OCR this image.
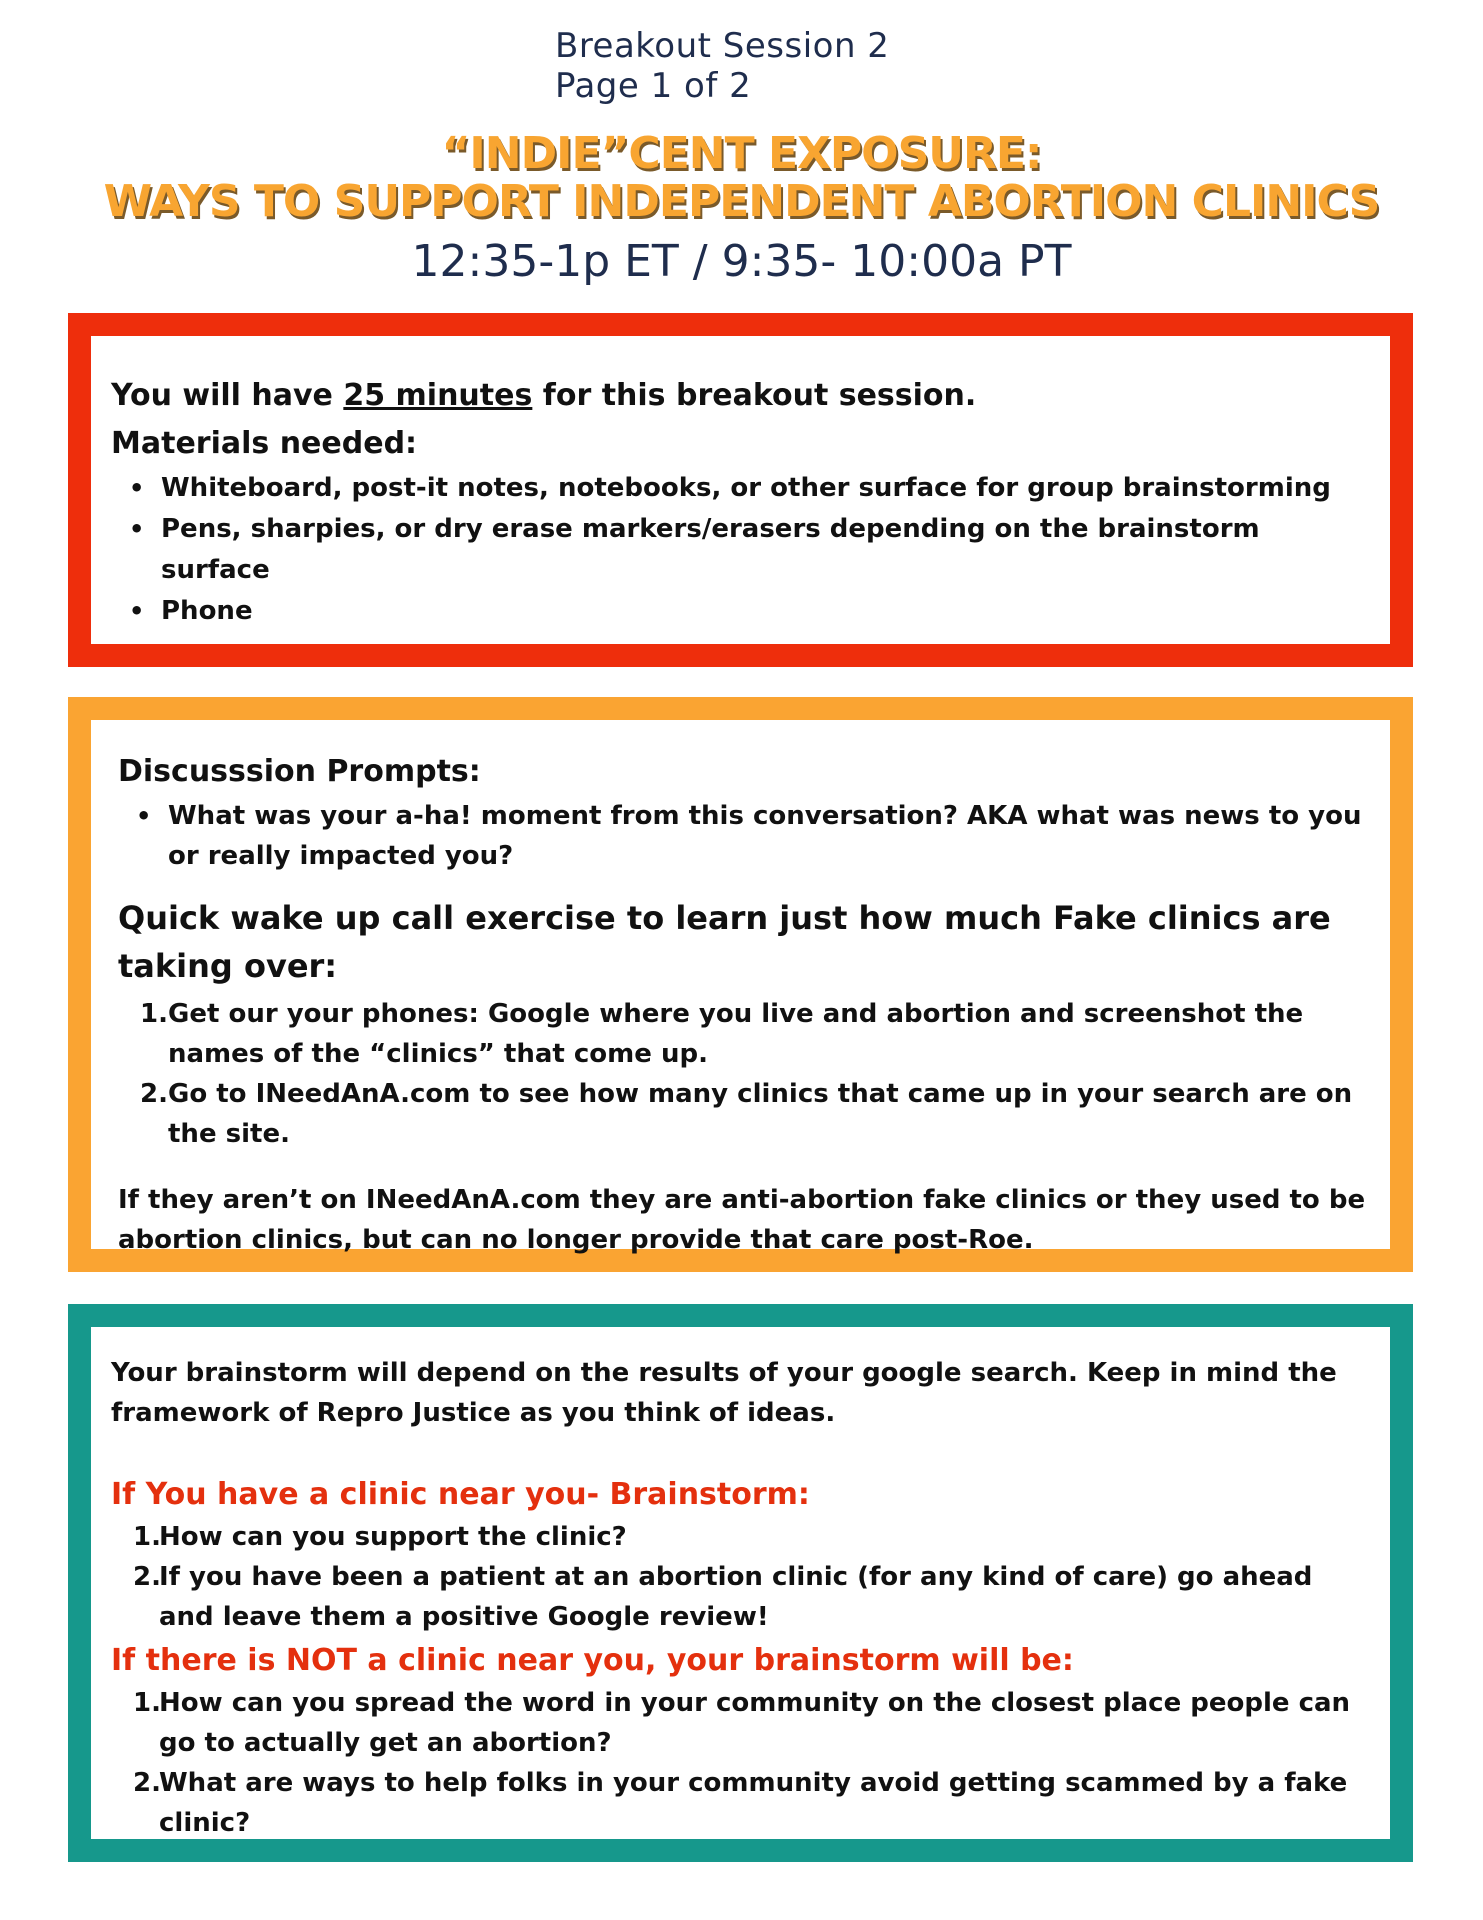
Breakout Session 2
Page 1 of 2
“INDIE”CENT EXPOSURE:
WAYS TO SUPPORT INDEPENDENT ABORTION CLINICS
12:35-1p ET / 9:35- 10:00a PT

You will have 25 minutes for this breakout session.

Materials needed:

• Whiteboard, post-it notes, notebooks, or other surface for group brainstorming
• Pens, sharpies, or dry erase markers/erasers depending on the brainstorm surface
• Phone

Discusssion Prompts:

• What was your a-ha! moment from this conversation? AKA what was news to you or really impacted you?

Quick wake up call exercise to learn just how much Fake clinics are taking over:

1. Get our your phones: Google where you live and abortion and screenshot the names of the “clinics” that come up.
2. Go to INeedAnA.com to see how many clinics that came up in your search are on the site.

If they aren’t on INeedAnA.com they are anti-abortion fake clinics or they used to be abortion clinics, but can no longer provide that care post-Roe.

Your brainstorm will depend on the results of your google search. Keep in mind the framework of Repro Justice as you think of ideas.

If You have a clinic near you- Brainstorm:

1.
How can you support the clinic?
2.
If you have been a patient at an abortion clinic (for any kind of care) go ahead and leave them a positive Google review!

If there is NOT a clinic near you, your brainstorm will be:

1.
How can you spread the word in your community on the closest place people can go to actually get an abortion?
2.
What are ways to help folks in your community avoid getting scammed by a fake clinic?
